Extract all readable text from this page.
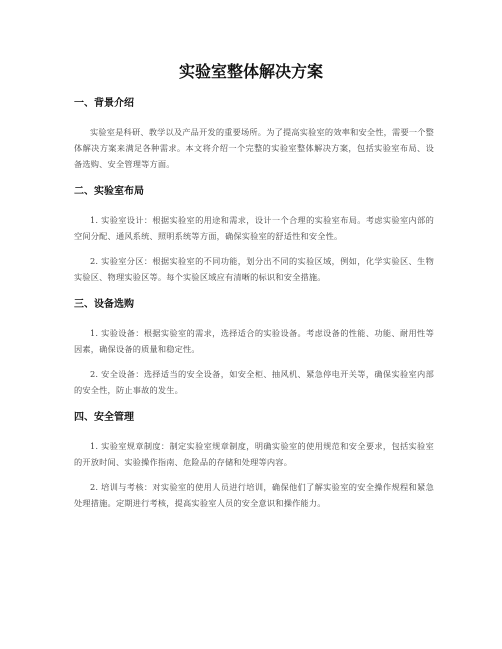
实验室整体解决方案
一、背景介绍

实验室是科研、教学以及产品开发的重要场所。为了提高实验室的效率和安全性，需要一个整体解决方案来满足各种需求。本文将介绍一个完整的实验室整体解决方案，包括实验室布局、设备选购、安全管理等方面。

二、实验室布局

1. 实验室设计：根据实验室的用途和需求，设计一个合理的实验室布局。考虑实验室内部的空间分配、通风系统、照明系统等方面，确保实验室的舒适性和安全性。

2. 实验室分区：根据实验室的不同功能，划分出不同的实验区域，例如，化学实验区、生物实验区、物理实验区等。每个实验区域应有清晰的标识和安全措施。

三、设备选购

1. 实验设备：根据实验室的需求，选择适合的实验设备。考虑设备的性能、功能、耐用性等因素，确保设备的质量和稳定性。

2. 安全设备：选择适当的安全设备，如安全柜、抽风机、紧急停电开关等，确保实验室内部的安全性，防止事故的发生。

四、安全管理

1. 实验室规章制度：制定实验室规章制度，明确实验室的使用规范和安全要求，包括实验室的开放时间、实验操作指南、危险品的存储和处理等内容。

2. 培训与考核：对实验室的使用人员进行培训，确保他们了解实验室的安全操作规程和紧急处理措施。定期进行考核，提高实验室人员的安全意识和操作能力。
